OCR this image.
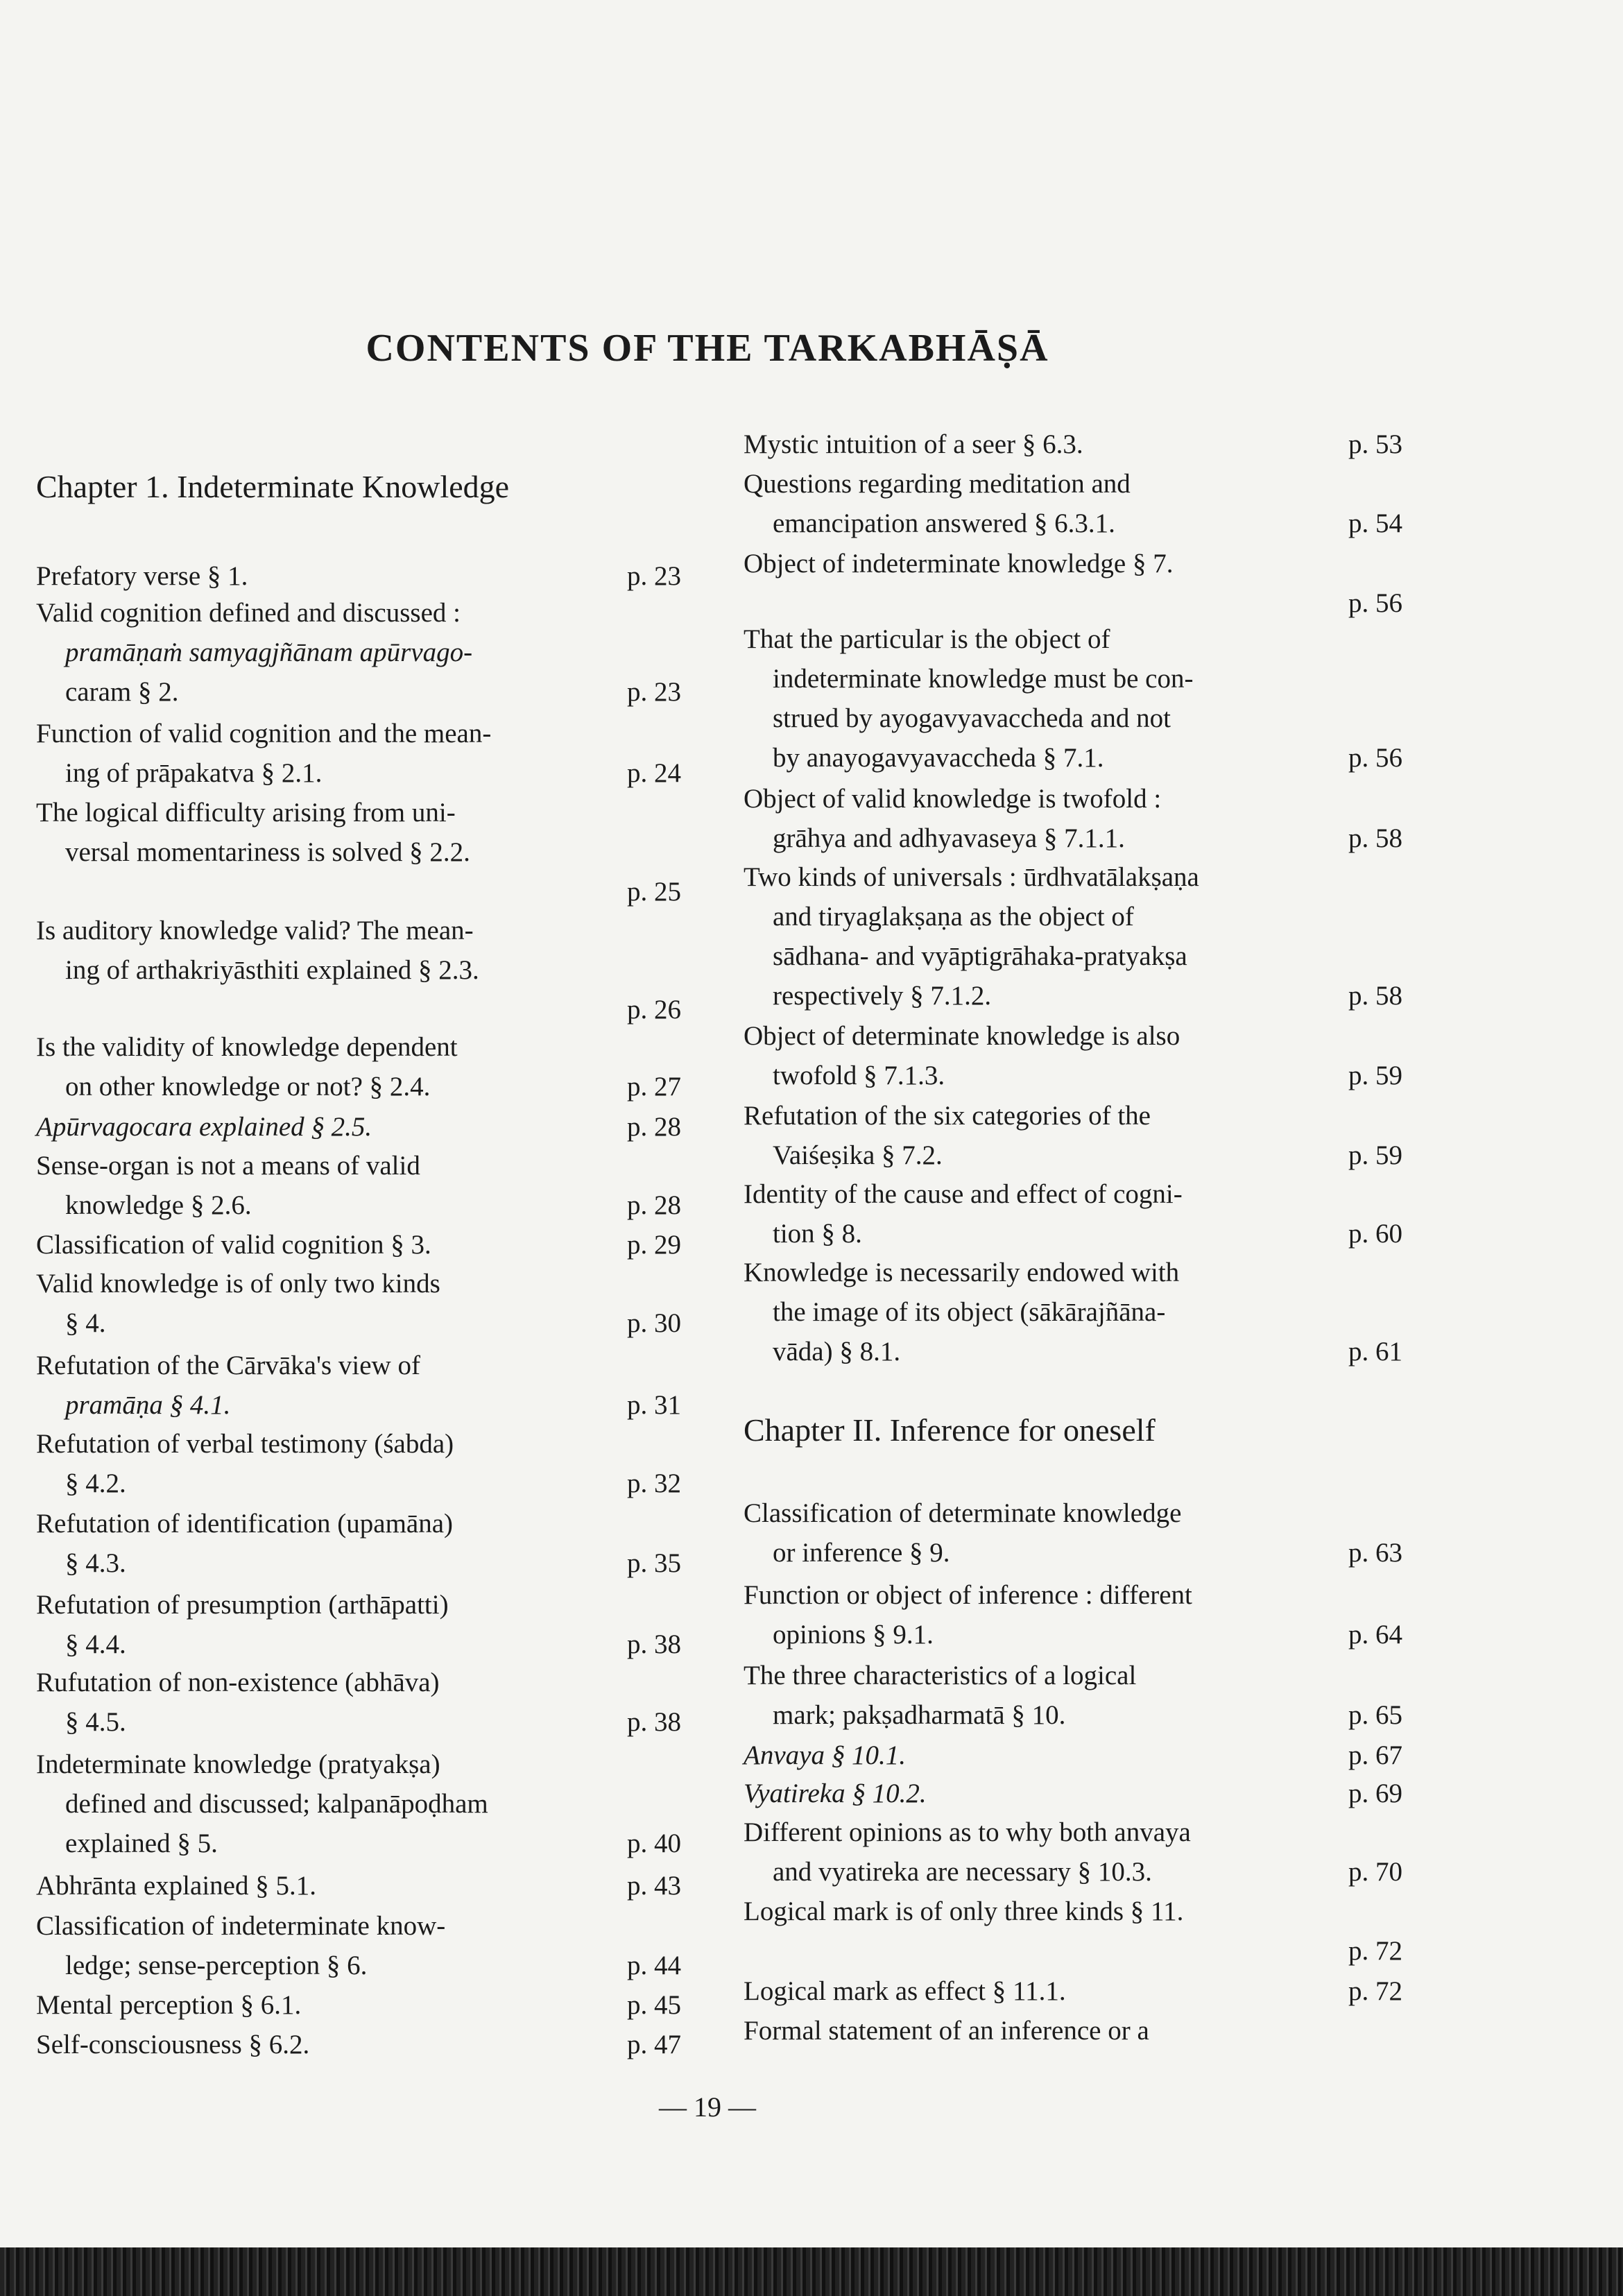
CONTENTS OF THE TARKABHĀṢĀ
Chapter 1. Indeterminate Knowledge
Prefatory verse § 1.	p. 23
Valid cognition defined and discussed :
pramāṇaṁ samyagjñānam apūrvago-
caram § 2.	p. 23
Function of valid cognition and the mean-
ing of prāpakatva § 2.1.	p. 24
The logical difficulty arising from uni-
versal momentariness is solved § 2.2.
p. 25
Is auditory knowledge valid? The mean-
ing of arthakriyāsthiti explained § 2.3.
p. 26
Is the validity of knowledge dependent
on other knowledge or not? § 2.4.	p. 27
Apūrvagocara explained § 2.5.	p. 28
Sense-organ is not a means of valid
knowledge § 2.6.	p. 28
Classification of valid cognition § 3.	p. 29
Valid knowledge is of only two kinds
§ 4.	p. 30
Refutation of the Cārvāka's view of
pramāṇa § 4.1.	p. 31
Refutation of verbal testimony (śabda)
§ 4.2.	p. 32
Refutation of identification (upamāna)
§ 4.3.	p. 35
Refutation of presumption (arthāpatti)
§ 4.4.	p. 38
Rufutation of non-existence (abhāva)
§ 4.5.	p. 38
Indeterminate knowledge (pratyakṣa)
defined and discussed; kalpanāpoḍham
explained § 5.	p. 40
Abhrānta explained § 5.1.	p. 43
Classification of indeterminate know-
ledge; sense-perception § 6.	p. 44
Mental perception § 6.1.	p. 45
Self-consciousness § 6.2.	p. 47
Mystic intuition of a seer § 6.3.	p. 53
Questions regarding meditation and
emancipation answered § 6.3.1.	p. 54
Object of indeterminate knowledge § 7.
p. 56
That the particular is the object of
indeterminate knowledge must be con-
strued by ayogavyavaccheda and not
by anayogavyavaccheda § 7.1.	p. 56
Object of valid knowledge is twofold :
grāhya and adhyavaseya § 7.1.1.	p. 58
Two kinds of universals : ūrdhvatālakṣaṇa
and tiryaglakṣaṇa as the object of
sādhana- and vyāptigrāhaka-pratyakṣa
respectively § 7.1.2.	p. 58
Object of determinate knowledge is also
twofold § 7.1.3.	p. 59
Refutation of the six categories of the
Vaiśeṣika § 7.2.	p. 59
Identity of the cause and effect of cogni-
tion § 8.	p. 60
Knowledge is necessarily endowed with
the image of its object (sākārajñāna-
vāda) § 8.1.	p. 61
Chapter II. Inference for oneself
Classification of determinate knowledge
or inference § 9.	p. 63
Function or object of inference : different
opinions § 9.1.	p. 64
The three characteristics of a logical
mark; pakṣadharmatā § 10.	p. 65
Anvaya § 10.1.	p. 67
Vyatireka § 10.2.	p. 69
Different opinions as to why both anvaya
and vyatireka are necessary § 10.3.	p. 70
Logical mark is of only three kinds § 11.
p. 72
Logical mark as effect § 11.1.	p. 72
Formal statement of an inference or a
— 19 —
